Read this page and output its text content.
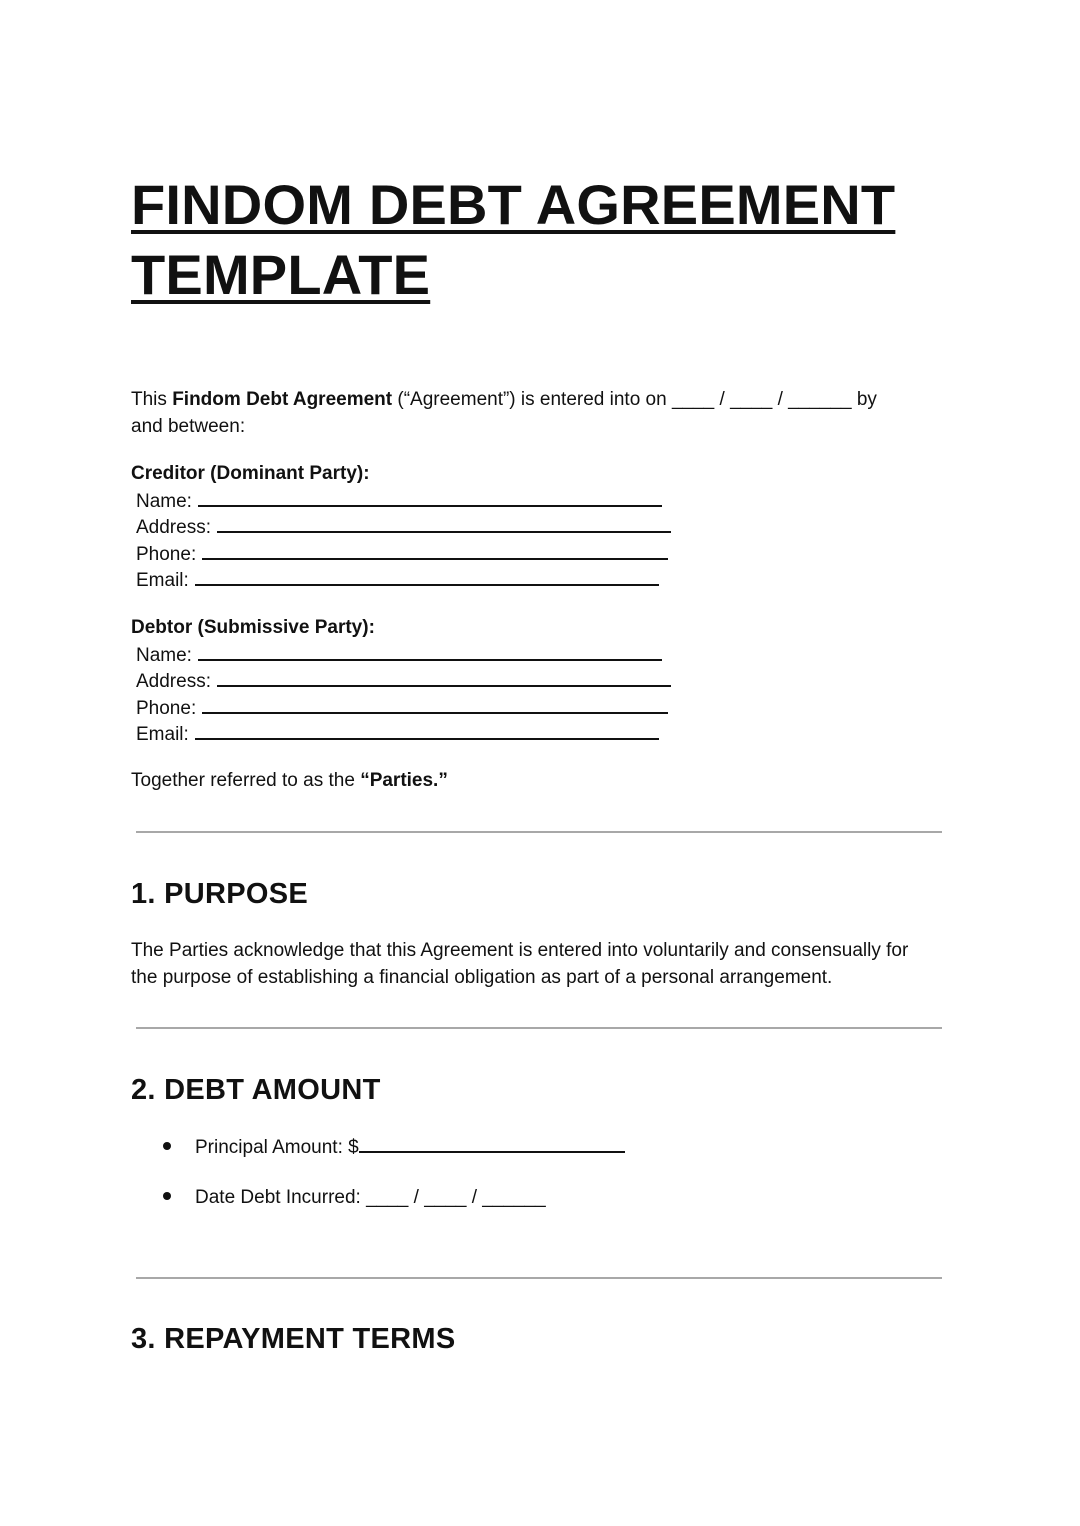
FINDOM DEBT AGREEMENT
TEMPLATE

This Findom Debt Agreement (“Agreement”) is entered into on ____ / ____ / ______ by
and between:

Creditor (Dominant Party):
Name:
Address:
Phone:
Email:
Debtor (Submissive Party):
Name:
Address:
Phone:
Email:

Together referred to as the “Parties.”

1. PURPOSE

The Parties acknowledge that this Agreement is entered into voluntarily and consensually for
the purpose of establishing a financial obligation as part of a personal arrangement.

2. DEBT AMOUNT
Principal Amount: $
Date Debt Incurred: ____ / ____ / ______
3. REPAYMENT TERMS
